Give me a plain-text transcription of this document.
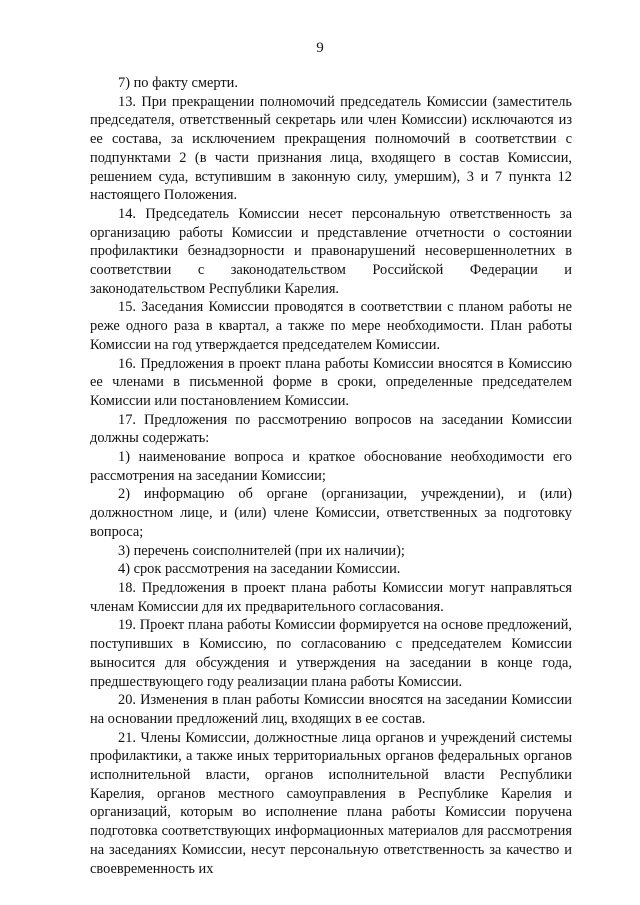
9

7) по факту смерти.

13. При прекращении полномочий председатель Комиссии (заместитель председателя, ответственный секретарь или член Комиссии) исключаются из ее состава, за исключением прекращения полномочий в соответствии с подпунктами 2 (в части признания лица, входящего в состав Комиссии, решением суда, вступившим в законную силу, умершим), 3 и 7 пункта 12 настоящего Положения.

14. Председатель Комиссии несет персональную ответственность за организацию работы Комиссии и представление отчетности о состоянии профилактики безнадзорности и правонарушений несовершеннолетних в соответствии с законодательством Российской Федерации и законодательством Республики Карелия.

15. Заседания Комиссии проводятся в соответствии с планом работы не реже одного раза в квартал, а также по мере необходимости. План работы Комиссии на год утверждается председателем Комиссии.

16. Предложения в проект плана работы Комиссии вносятся в Комиссию ее членами в письменной форме в сроки, определенные председателем Комиссии или постановлением Комиссии.

17. Предложения по рассмотрению вопросов на заседании Комиссии должны содержать:

1) наименование вопроса и краткое обоснование необходимости его рассмотрения на заседании Комиссии;

2) информацию об органе (организации, учреждении), и (или) должностном лице, и (или) члене Комиссии, ответственных за подготовку вопроса;

3) перечень соисполнителей (при их наличии);

4) срок рассмотрения на заседании Комиссии.

18. Предложения в проект плана работы Комиссии могут направляться членам Комиссии для их предварительного согласования.

19. Проект плана работы Комиссии формируется на основе предложений, поступивших в Комиссию, по согласованию с председателем Комиссии выносится для обсуждения и утверждения на заседании в конце года, предшествующего году реализации плана работы Комиссии.

20. Изменения в план работы Комиссии вносятся на заседании Комиссии на основании предложений лиц, входящих в ее состав.

21. Члены Комиссии, должностные лица органов и учреждений системы профилактики, а также иных территориальных органов федеральных органов исполнительной власти, органов исполнительной власти Республики Карелия, органов местного самоуправления в Республике Карелия и организаций, которым во исполнение плана работы Комиссии поручена подготовка соответствующих информационных материалов для рассмотрения на заседаниях Комиссии, несут персональную ответственность за качество и своевременность их
